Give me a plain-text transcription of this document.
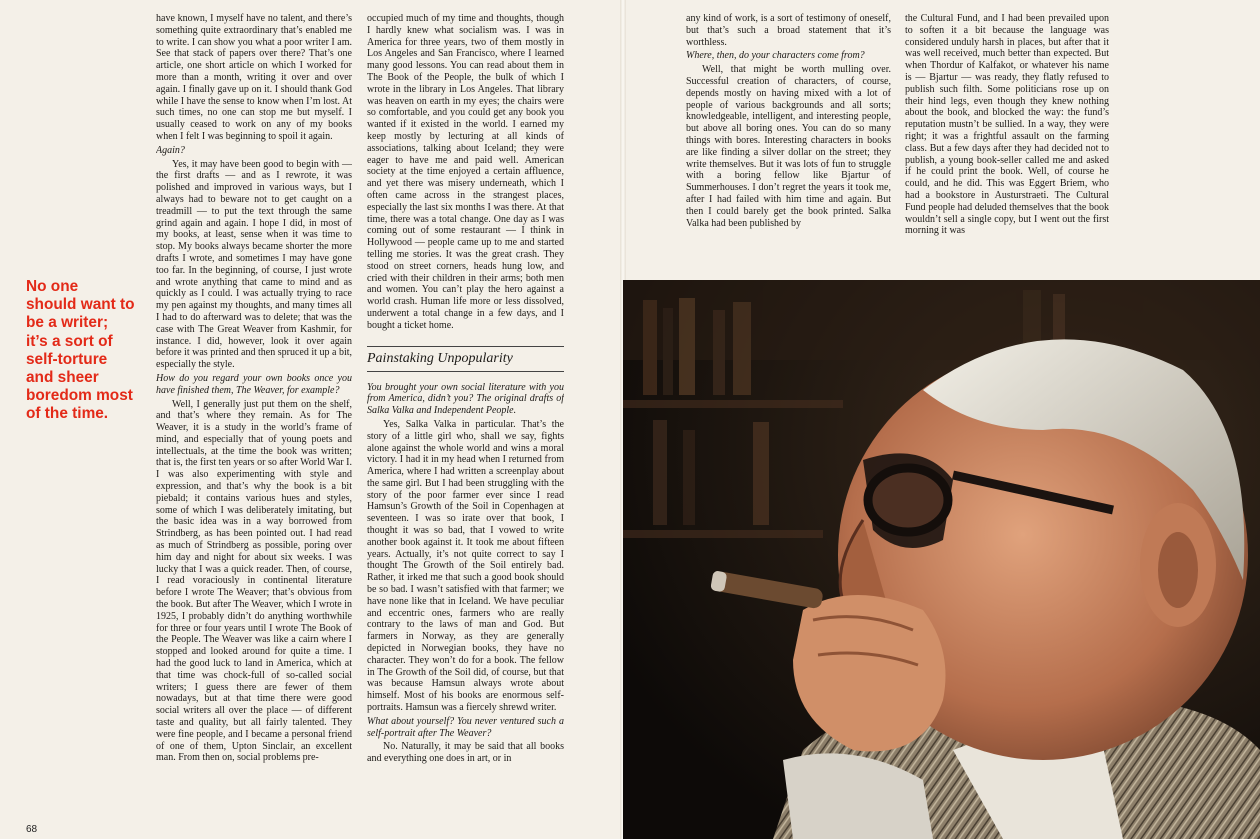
No one
should want to
be a writer;
it’s a sort of
self-torture
and sheer
boredom most
of the time.

have known, I myself have no talent, and there’s something quite extraordinary that’s enabled me to write. I can show you what a poor writer I am. See that stack of papers over there? That’s one article, one short article on which I worked for more than a month, writing it over and over again. I finally gave up on it. I should thank God while I have the sense to know when I’m lost. At such times, no one can stop me but myself. I usually ceased to work on any of my books when I felt I was beginning to spoil it again.

Again?

Yes, it may have been good to begin with — the first drafts — and as I rewrote, it was polished and improved in various ways, but I always had to beware not to get caught on a treadmill — to put the text through the same grind again and again. I hope I did, in most of my books, at least, sense when it was time to stop. My books always became shorter the more drafts I wrote, and sometimes I may have gone too far. In the beginning, of course, I just wrote and wrote anything that came to mind and as quickly as I could. I was actually trying to race my pen against my thoughts, and many times all I had to do afterward was to delete; that was the case with The Great Weaver from Kashmir, for instance. I did, however, look it over again before it was printed and then spruced it up a bit, especially the style.

How do you regard your own books once you have finished them, The Weaver, for example?

Well, I generally just put them on the shelf, and that’s where they remain. As for The Weaver, it is a study in the world’s frame of mind, and especially that of young poets and intellectuals, at the time the book was written; that is, the first ten years or so after World War I. I was also experimenting with style and expression, and that’s why the book is a bit piebald; it contains various hues and styles, some of which I was deliberately imitating, but the basic idea was in a way borrowed from Strindberg, as has been pointed out. I had read as much of Strindberg as possible, poring over him day and night for about six weeks. I was lucky that I was a quick reader. Then, of course, I read voraciously in continental literature before I wrote The Weaver; that’s obvious from the book. But after The Weaver, which I wrote in 1925, I probably didn’t do anything worthwhile for three or four years until I wrote The Book of the People. The Weaver was like a cairn where I stopped and looked around for quite a time. I had the good luck to land in America, which at that time was chock-full of so-called social writers; I guess there are fewer of them nowadays, but at that time there were good social writers all over the place — of different taste and quality, but all fairly talented. They were fine people, and I became a personal friend of one of them, Upton Sinclair, an excellent man. From then on, social problems pre-

occupied much of my time and thoughts, though I hardly knew what socialism was. I was in America for three years, two of them mostly in Los Angeles and San Francisco, where I learned many good lessons. You can read about them in The Book of the People, the bulk of which I wrote in the library in Los Angeles. That library was heaven on earth in my eyes; the chairs were so comfortable, and you could get any book you wanted if it existed in the world. I earned my keep mostly by lecturing at all kinds of associations, talking about Iceland; they were eager to have me and paid well. American society at the time enjoyed a certain affluence, and yet there was misery underneath, which I often came across in the strangest places, especially the last six months I was there. At that time, there was a total change. One day as I was coming out of some restaurant — I think in Hollywood — people came up to me and started telling me stories. It was the great crash. They stood on street corners, heads hung low, and cried with their children in their arms; both men and women. You can’t play the hero against a world crash. Human life more or less dissolved, underwent a total change in a few days, and I bought a ticket home.

Painstaking Unpopularity

You brought your own social literature with you from America, didn’t you? The original drafts of Salka Valka and Independent People.

Yes, Salka Valka in particular. That’s the story of a little girl who, shall we say, fights alone against the whole world and wins a moral victory. I had it in my head when I returned from America, where I had written a screenplay about the same girl. But I had been struggling with the story of the poor farmer ever since I read Hamsun’s Growth of the Soil in Copenhagen at seventeen. I was so irate over that book, I thought it was so bad, that I vowed to write another book against it. It took me about fifteen years. Actually, it’s not quite correct to say I thought The Growth of the Soil entirely bad. Rather, it irked me that such a good book should be so bad. I wasn’t satisfied with that farmer; we have none like that in Iceland. We have peculiar and eccentric ones, farmers who are really contrary to the laws of man and God. But farmers in Norway, as they are generally depicted in Norwegian books, they have no character. They won’t do for a book. The fellow in The Growth of the Soil did, of course, but that was because Hamsun always wrote about himself. Most of his books are enormous self-portraits. Hamsun was a fiercely shrewd writer.

What about yourself? You never ventured such a self-portrait after The Weaver?

No. Naturally, it may be said that all books and everything one does in art, or in

any kind of work, is a sort of testimony of oneself, but that’s such a broad statement that it’s worthless.

Where, then, do your characters come from?

Well, that might be worth mulling over. Successful creation of characters, of course, depends mostly on having mixed with a lot of people of various backgrounds and all sorts; knowledgeable, intelligent, and interesting people, but above all boring ones. You can do so many things with bores. Interesting characters in books are like finding a silver dollar on the street; they write themselves. But it was lots of fun to struggle with a boring fellow like Bjartur of Summerhouses. I don’t regret the years it took me, after I had failed with him time and again. But then I could barely get the book printed. Salka Valka had been published by

the Cultural Fund, and I had been prevailed upon to soften it a bit because the language was considered unduly harsh in places, but after that it was well received, much better than expected. But when Thordur of Kalfakot, or whatever his name is — Bjartur — was ready, they flatly refused to publish such filth. Some politicians rose up on their hind legs, even though they knew nothing about the book, and blocked the way: the fund’s reputation mustn’t be sullied. In a way, they were right; it was a frightful assault on the farming class. But a few days after they had decided not to publish, a young book-seller called me and asked if he could print the book. Well, of course he could, and he did. This was Eggert Briem, who had a bookstore in Austurstraeti. The Cultural Fund people had deluded themselves that the book wouldn’t sell a single copy, but I went out the first morning it was

68
